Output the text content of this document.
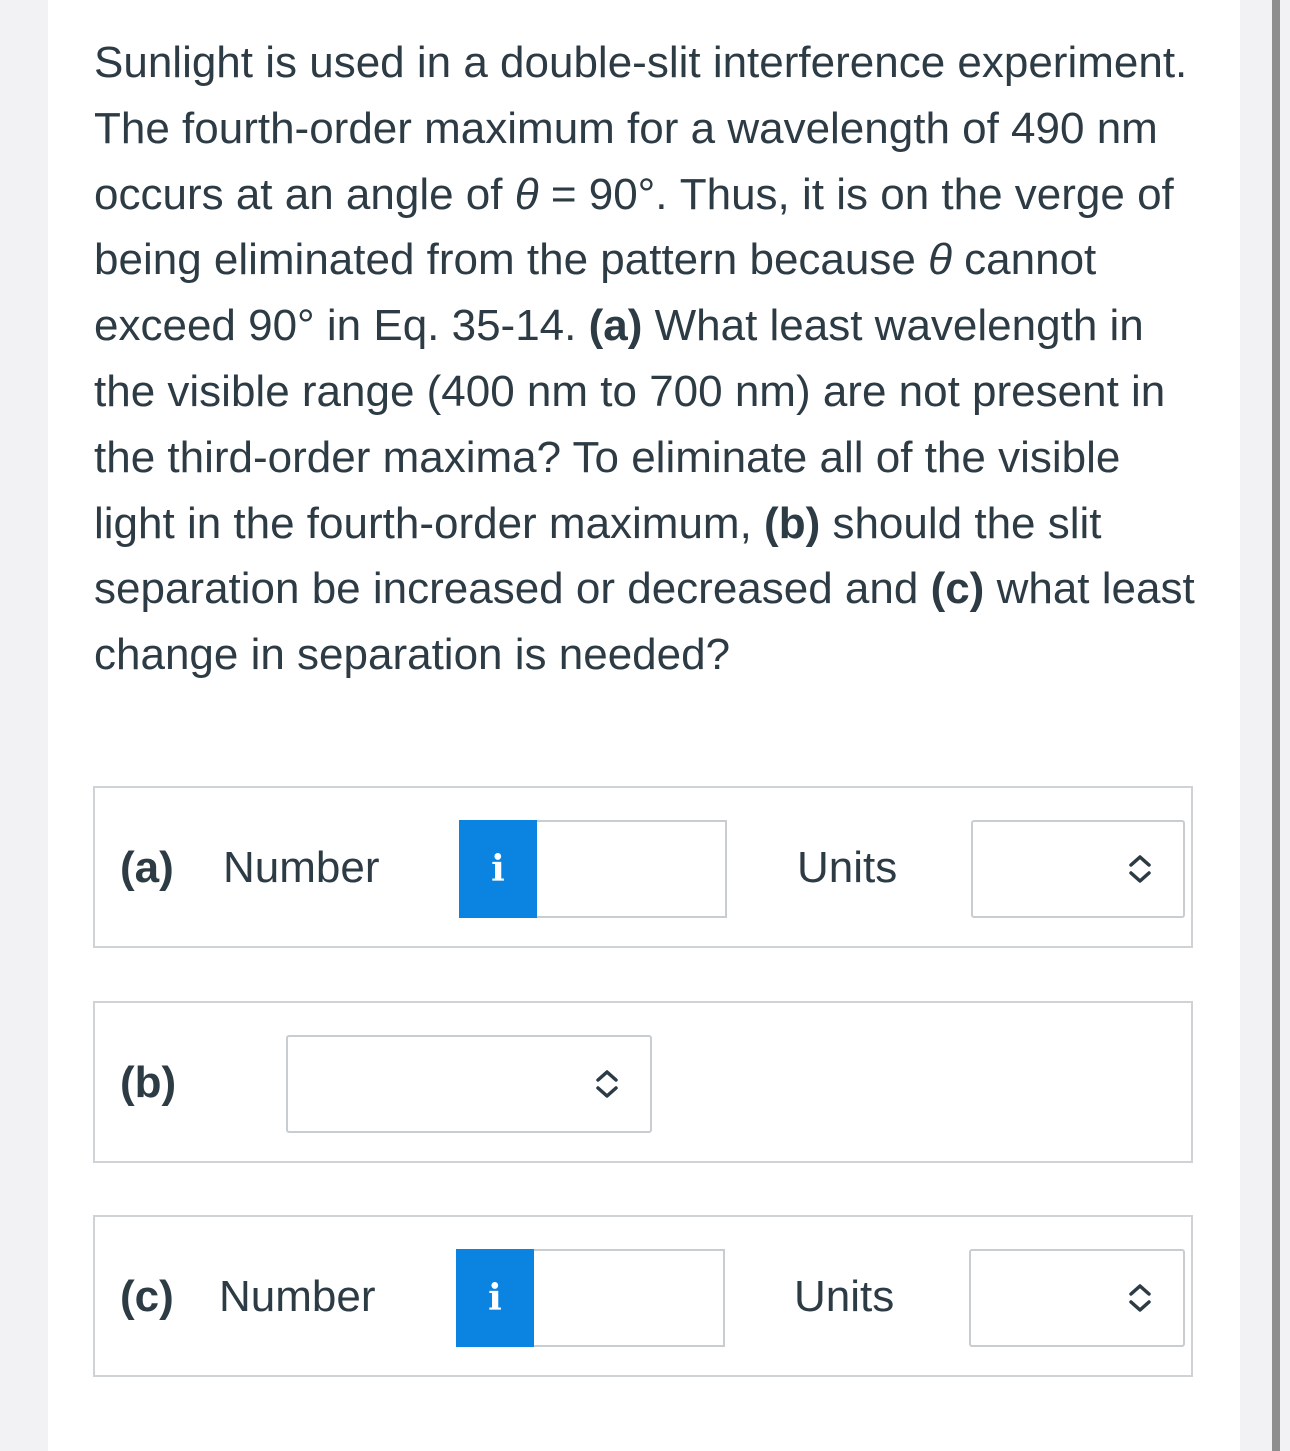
Sunlight is used in a double-slit interference experiment. The fourth-order maximum for a wavelength of 490 nm occurs at an angle of θ = 90°. Thus, it is on the verge of being eliminated from the pattern because θ cannot exceed 90° in Eq. 35-14. (a) What least wavelength in the visible range (400 nm to 700 nm) are not present in the third-order maxima? To eliminate all of the visible light in the fourth-order maximum, (b) should the slit separation be increased or decreased and (c) what least change in separation is needed?
(a) Number	i	Units
(b)
(c) Number	i	Units
